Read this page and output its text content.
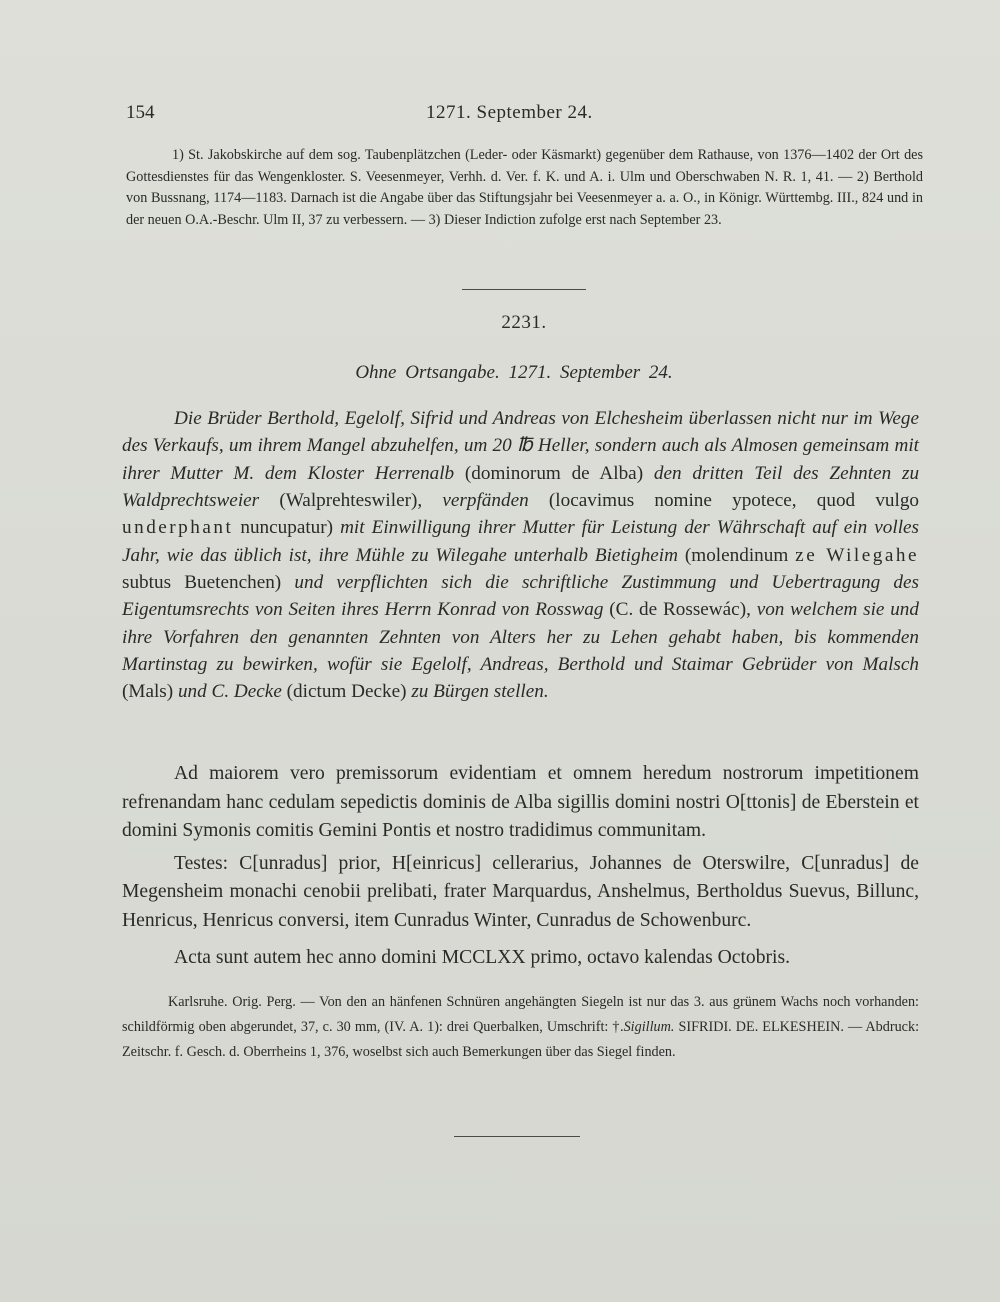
154	1271. September 24.

1) St. Jakobskirche auf dem sog. Taubenplätzchen (Leder- oder Käsmarkt) gegenüber dem Rathause, von 1376—1402 der Ort des Gottesdienstes für das Wengenkloster. S. Veesenmeyer, Verhh. d. Ver. f. K. und A. i. Ulm und Oberschwaben N. R. 1, 41. — 2) Berthold von Bussnang, 1174—1183. Darnach ist die Angabe über das Stiftungsjahr bei Veesenmeyer a. a. O., in Königr. Württembg. III., 824 und in der neuen O.A.-Beschr. Ulm II, 37 zu verbessern. — 3) Dieser Indiction zufolge erst nach September 23.

2231.
Ohne Ortsangabe. 1271. September 24.

Die Brüder Berthold, Egelolf, Sifrid und Andreas von Elchesheim überlassen nicht nur im Wege des Verkaufs, um ihrem Mangel abzuhelfen, um 20 ℔ Heller, sondern auch als Almosen gemeinsam mit ihrer Mutter M. dem Kloster Herrenalb (dominorum de Alba) den dritten Teil des Zehnten zu Waldprechtsweier (Walprehteswiler), verpfänden (locavimus nomine ypotece, quod vulgo underphant nuncupatur) mit Einwilligung ihrer Mutter für Leistung der Währschaft auf ein volles Jahr, wie das üblich ist, ihre Mühle zu Wilegahe unterhalb Bietigheim (molendinum ze Wilegahe subtus Buetenchen) und verpflichten sich die schriftliche Zustimmung und Uebertragung des Eigentumsrechts von Seiten ihres Herrn Konrad von Rosswag (C. de Rossewác), von welchem sie und ihre Vorfahren den genannten Zehnten von Alters her zu Lehen gehabt haben, bis kommenden Martinstag zu bewirken, wofür sie Egelolf, Andreas, Berthold und Staimar Gebrüder von Malsch (Mals) und C. Decke (dictum Decke) zu Bürgen stellen.

Ad maiorem vero premissorum evidentiam et omnem heredum nostrorum impetitionem refrenandam hanc cedulam sepedictis dominis de Alba sigillis domini nostri O[ttonis] de Eberstein et domini Symonis comitis Gemini Pontis et nostro tradidimus communitam.

Testes: C[unradus] prior, H[einricus] cellerarius, Johannes de Oterswilre, C[unradus] de Megensheim monachi cenobii prelibati, frater Marquardus, Anshelmus, Bertholdus Suevus, Billunc, Henricus, Henricus conversi, item Cunradus Winter, Cunradus de Schowenburc.

Acta sunt autem hec anno domini MCCLXX primo, octavo kalendas Octobris.

Karlsruhe. Orig. Perg. — Von den an hänfenen Schnüren angehängten Siegeln ist nur das 3. aus grünem Wachs noch vorhanden: schildförmig oben abgerundet, 37, c. 30 mm, (IV. A. 1): drei Querbalken, Umschrift: †.Sigillum. SIFRIDI. DE. ELKESHEIN. — Abdruck: Zeitschr. f. Gesch. d. Oberrheins 1, 376, woselbst sich auch Bemerkungen über das Siegel finden.
